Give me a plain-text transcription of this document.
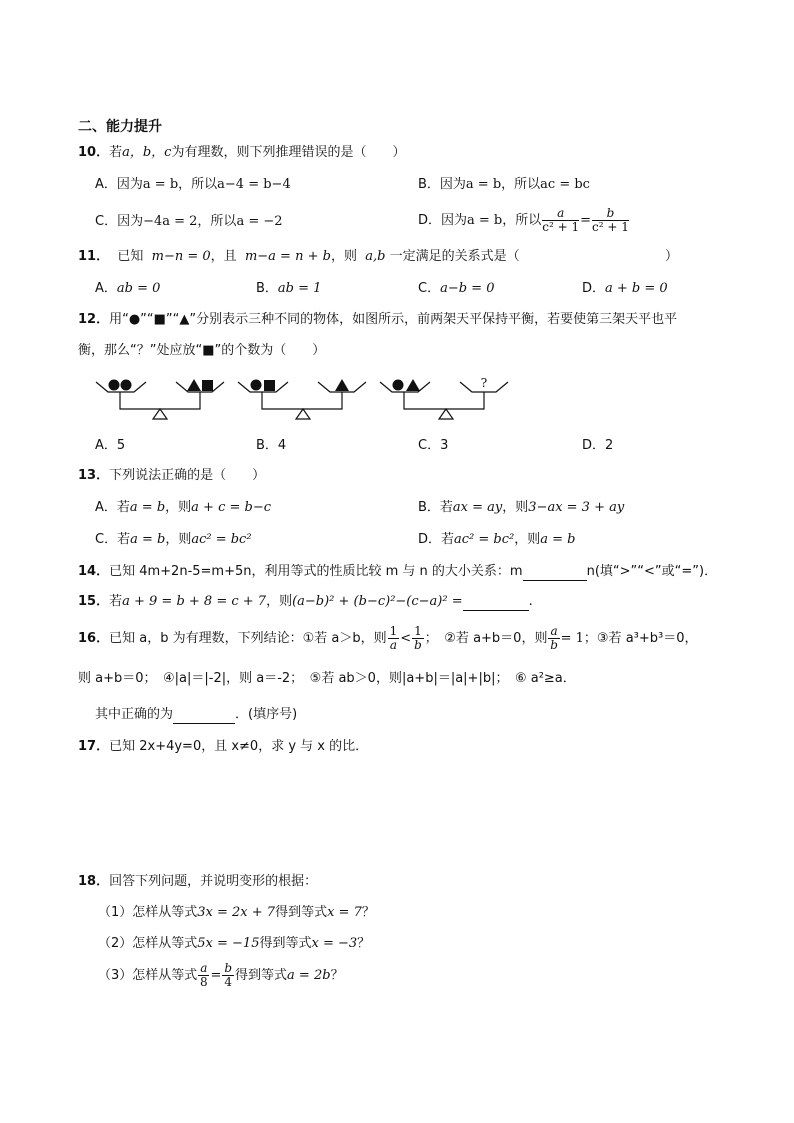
二、能力提升
10．若a，b，c为有理数，则下列推理错误的是（　　）
A．因为a = b，所以a−4 = b−4	B．因为a = b，所以ac = bc
C．因为−4a = 2，所以a = −2	D．因为a = b，所以 $\frac{a}{\text{c² + 1}} = \frac{b}{\text{c² + 1}}$
11． 已知 m−n = 0，且 m−a = n + b，则 a,b 一定满足的关系式是（	）
A．ab = 0	B．ab = 1	C．a−b = 0	D．a + b = 0
12．用“●”“■”“▲”分别表示三种不同的物体，如图所示，前两架天平保持平衡，若要使第三架天平也平
衡，那么“？”处应放“■”的个数为（　　）
?
A．5	B．4	C．3	D．2
13．下列说法正确的是（　　）
A．若a = b，则a + c = b−c	B．若ax = ay，则3−ax = 3 + ay
C．若a = b，则ac² = bc²	D．若ac² = bc²，则a = b
14．已知 4m+2n-5=m+5n，利用等式的性质比较 m 与 n 的大小关系：m	n(填“>”“<”或“=”)．
15．若a + 9 = b + 8 = c + 7，则(a−b)² + (b−c)²−(c−a)² =	.
16．已知 a，b 为有理数，下列结论：①若 a＞b，则 $\frac{1}{a} < \frac{1}{b}$ ；　②若 a+b＝0，则 $\frac{a}{b} = 1$；③若 a³+b³＝0，
则 a+b＝0；　④|a|＝|-2|，则 a＝-2；　⑤若 ab＞0，则|a+b|＝|a|+|b|；　⑥ a²≥a．
其中正确的为	．(填序号)
17．已知 2x+4y=0，且 x≠0，求 y 与 x 的比．
18．回答下列问题，并说明变形的根据：
（1）怎样从等式3x = 2x + 7得到等式x = 7？
（2）怎样从等式5x = −15得到等式x = −3？
（3）怎样从等式 $\frac{a}{8} = \frac{b}{4}$ 得到等式a = 2b？
